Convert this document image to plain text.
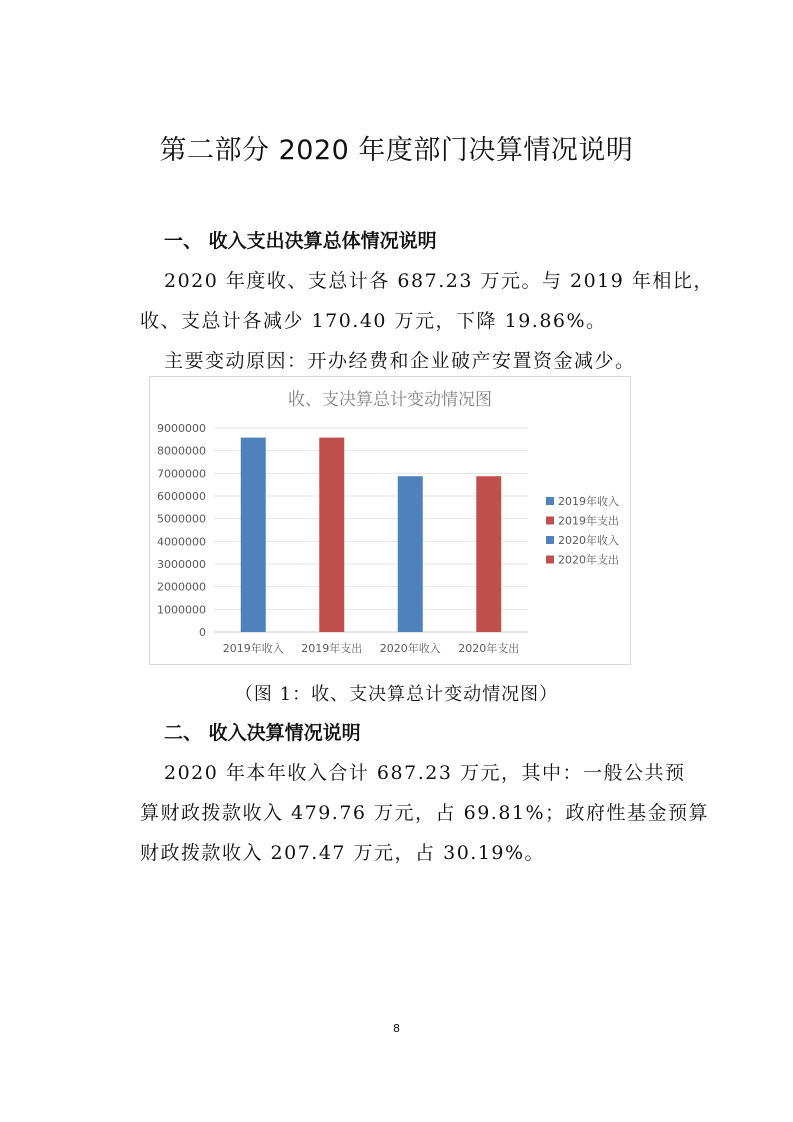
第二部分 2020 年度部门决算情况说明
一、 收入支出决算总体情况说明
2020 年度收、支总计各 687.23 万元。与 2019 年相比，
收、支总计各减少 170.40 万元，下降 19.86%。
主要变动原因：开办经费和企业破产安置资金减少。
收、支决算总计变动情况图
0
1000000
2000000
3000000
4000000
5000000
6000000
7000000
8000000
9000000
2019年收入 2019年支出 2020年收入 2020年支出
2019年收入
2019年支出
2020年收入
2020年支出
（图 1：收、支决算总计变动情况图）
二、 收入决算情况说明
2020 年本年收入合计 687.23 万元，其中：一般公共预
算财政拨款收入 479.76 万元，占 69.81%；政府性基金预算
财政拨款收入 207.47 万元，占 30.19%。
8
